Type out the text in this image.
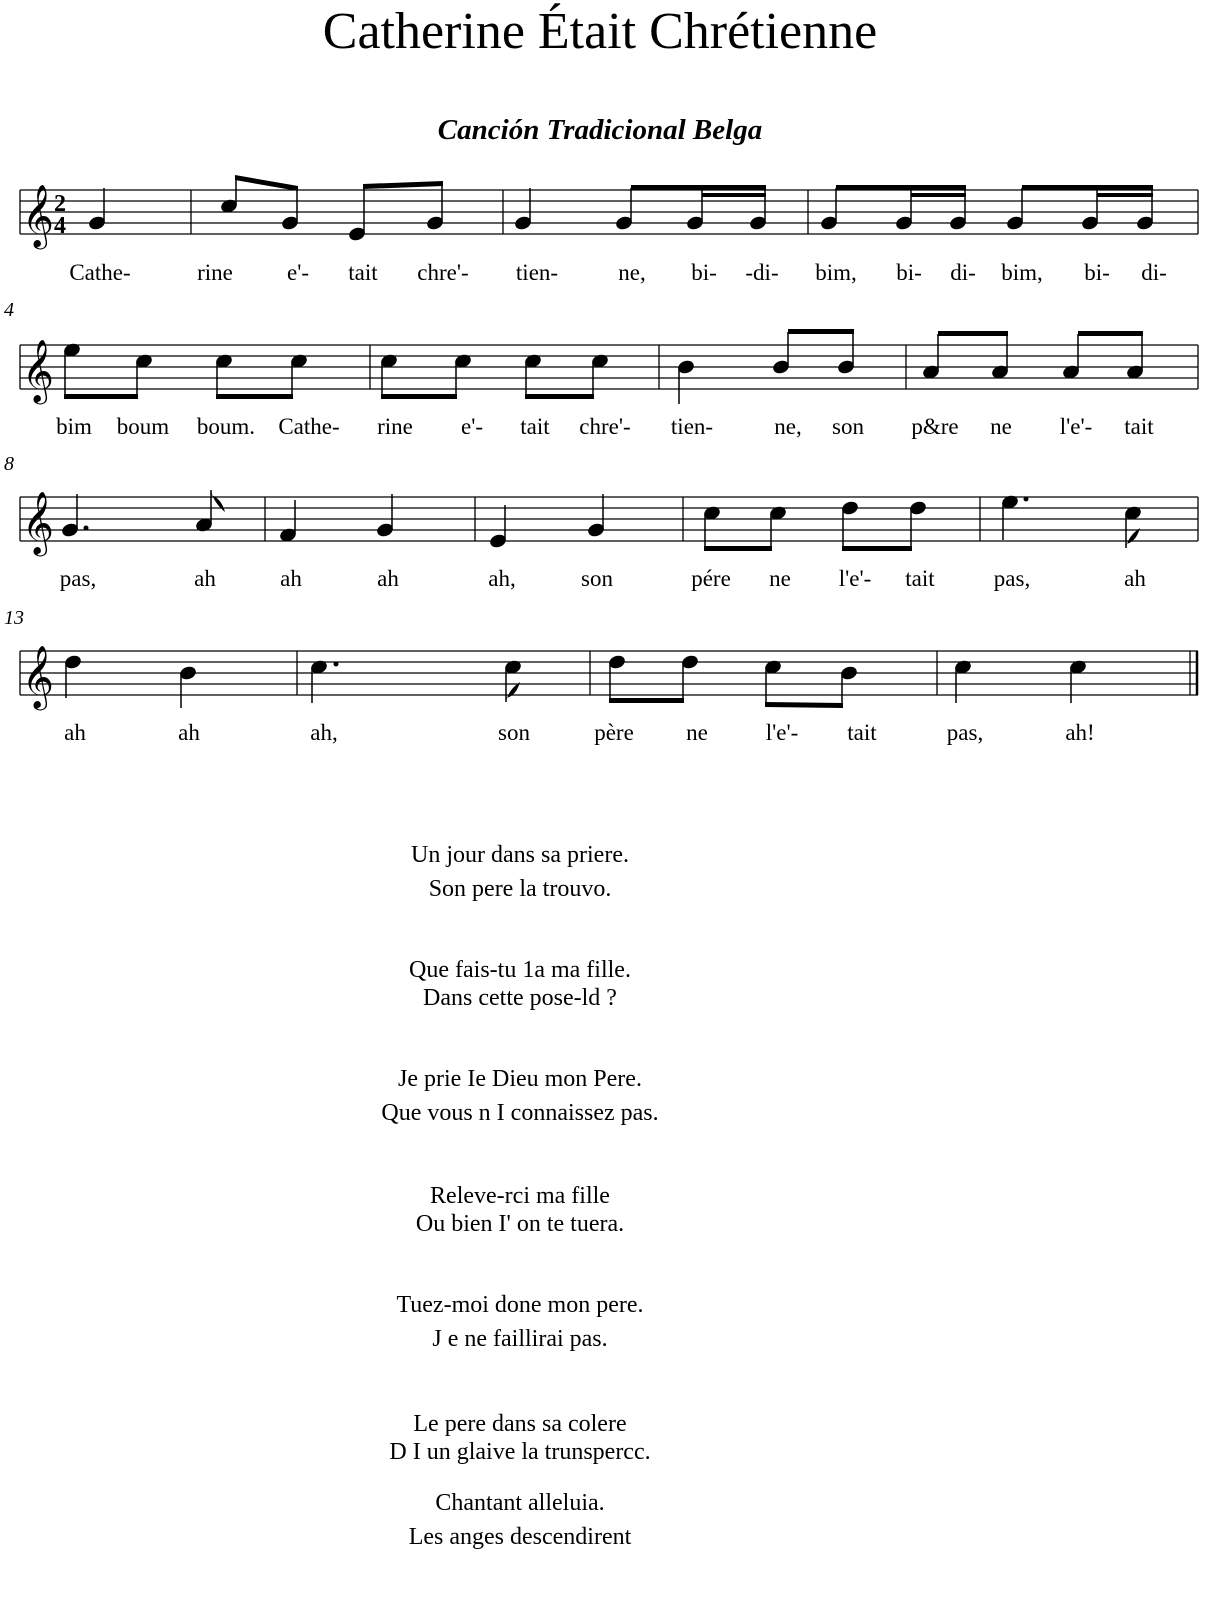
Catherine Était Chrétienne
Canción Tradicional Belga
𝄞 2
4
Cathe-	rine e'- tait chre'- tien-	ne, bi- -di- bim, bi- di- bim, bi- di-
4
𝄞
bim boum boum. Cathe- rine e'- tait chre'- tien-	ne, son p&re ne l'e'- tait
8
𝄞
pas,	ah	ah	ah	ah,	son	pére ne l'e'- tait	pas,	ah
13
𝄞
ah	ah	ah,	son	père ne	l'e'- tait	pas,	ah!

Un jour dans sa priere.
Son pere la trouvo.

Que fais-tu 1a ma fille.
Dans cette pose-ld ?

Je prie Ie Dieu mon Pere.
Que vous n I connaissez pas.

Releve-rci ma fille
Ou bien I' on te tuera.

Tuez-moi done mon pere.
J e ne faillirai pas.

Le pere dans sa colere
D I un glaive la trunspercc.

Chantant alleluia.
Les anges descendirent
